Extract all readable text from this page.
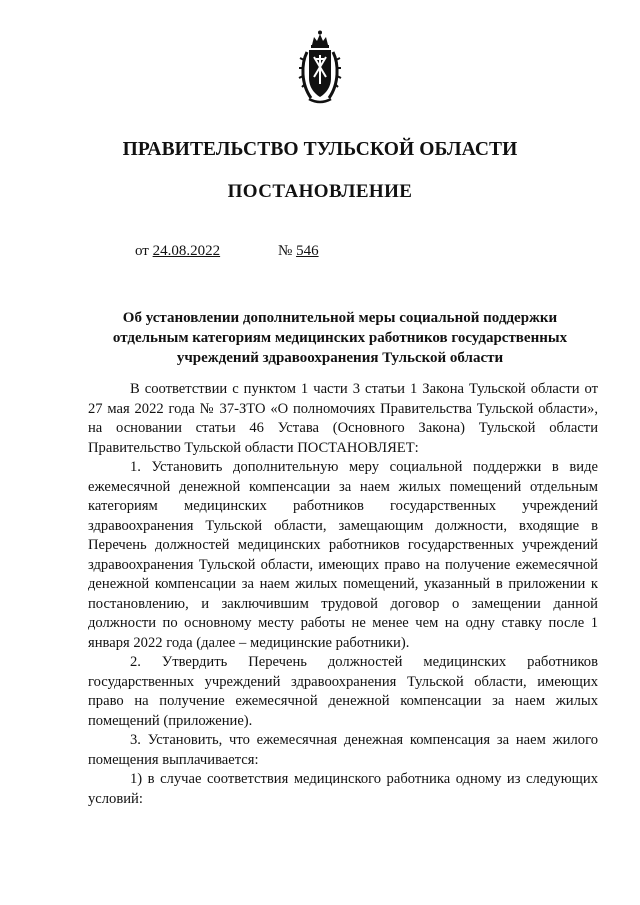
ПРАВИТЕЛЬСТВО ТУЛЬСКОЙ ОБЛАСТИ
ПОСТАНОВЛЕНИЕ
от 24.08.2022	№ 546
Об установлении дополнительной меры социальной поддержки
отдельным категориям медицинских работников государственных
учреждений здравоохранения Тульской области

В соответствии с пунктом 1 части 3 статьи 1 Закона Тульской области от 27 мая 2022 года № 37-ЗТО «О полномочиях Правительства Тульской области», на основании статьи 46 Устава (Основного Закона) Тульской области Правительство Тульской области ПОСТАНОВЛЯЕТ:

1. Установить дополнительную меру социальной поддержки в виде ежемесячной денежной компенсации за наем жилых помещений отдельным категориям медицинских работников государственных учреждений здравоохранения Тульской области, замещающим должности, входящие в Перечень должностей медицинских работников государственных учреждений здравоохранения Тульской области, имеющих право на получение ежемесячной денежной компенсации за наем жилых помещений, указанный в приложении к постановлению, и заключившим трудовой договор о замещении данной должности по основному месту работы не менее чем на одну ставку после 1 января 2022 года (далее – медицинские работники).

2. Утвердить Перечень должностей медицинских работников государственных учреждений здравоохранения Тульской области, имеющих право на получение ежемесячной денежной компенсации за наем жилых помещений (приложение).

3. Установить, что ежемесячная денежная компенсация за наем жилого помещения выплачивается:

1) в случае соответствия медицинского работника одному из следующих условий:
